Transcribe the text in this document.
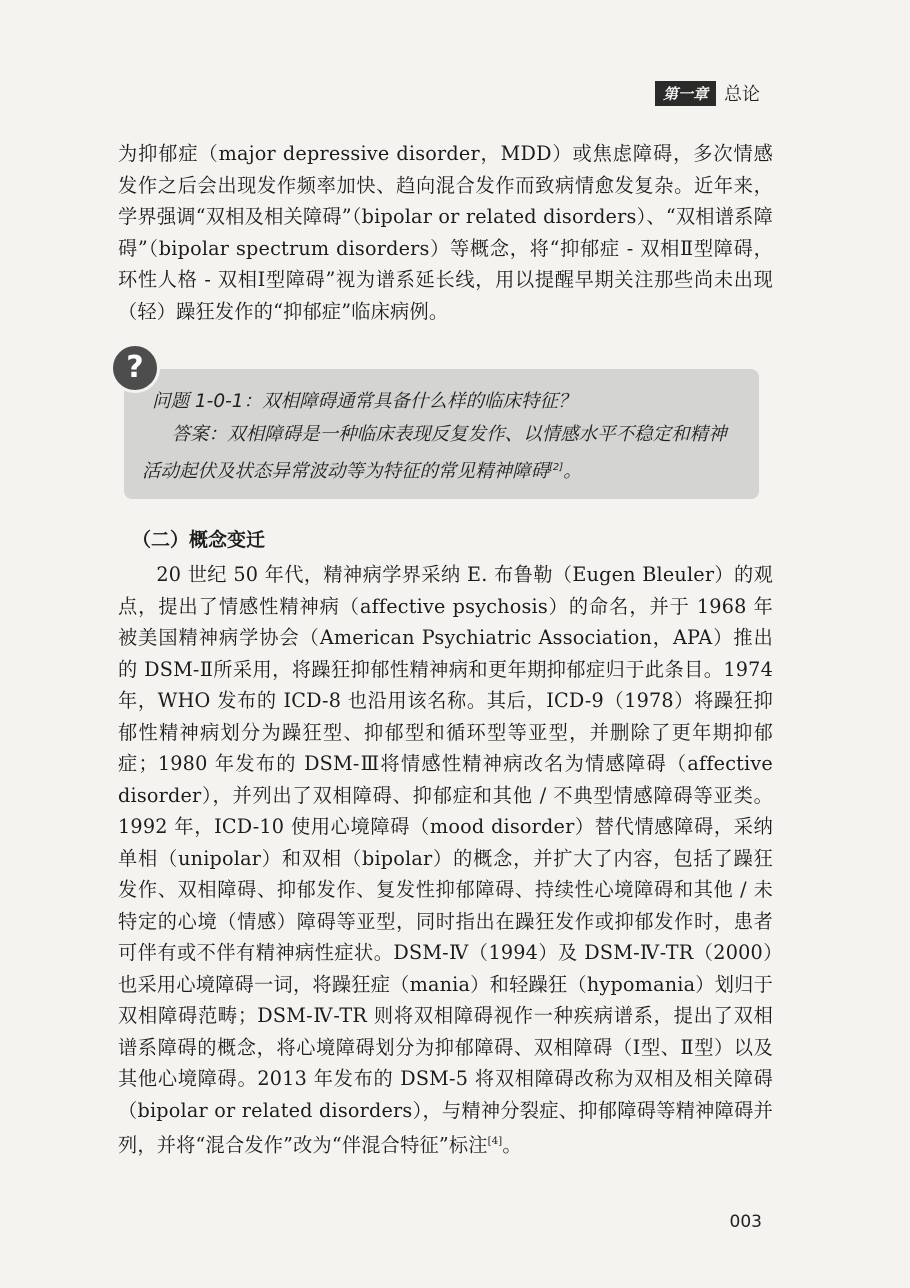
第一章 总论

为抑郁症（major depressive disorder，MDD）或焦虑障碍，多次情感发作之后会出现发作频率加快、趋向混合发作而致病情愈发复杂。近年来，学界强调“双相及相关障碍”（bipolar or related disorders）、“双相谱系障碍”（bipolar spectrum disorders）等概念，将“抑郁症 - 双相Ⅱ型障碍，环性人格 - 双相Ⅰ型障碍”视为谱系延长线，用以提醒早期关注那些尚未出现（轻）躁狂发作的“抑郁症”临床病例。

?

问题 1-0-1：双相障碍通常具备什么样的临床特征？

答案：双相障碍是一种临床表现反复发作、以情感水平不稳定和精神活动起伏及状态异常波动等为特征的常见精神障碍[2]。

（二）概念变迁

20 世纪 50 年代，精神病学界采纳 E. 布鲁勒（Eugen Bleuler）的观点，提出了情感性精神病（affective psychosis）的命名，并于 1968 年被美国精神病学协会（American Psychiatric Association，APA）推出的 DSM-Ⅱ所采用，将躁狂抑郁性精神病和更年期抑郁症归于此条目。1974 年，WHO 发布的 ICD-8 也沿用该名称。其后，ICD-9（1978）将躁狂抑郁性精神病划分为躁狂型、抑郁型和循环型等亚型，并删除了更年期抑郁症；1980 年发布的 DSM-Ⅲ将情感性精神病改名为情感障碍（affective disorder），并列出了双相障碍、抑郁症和其他 / 不典型情感障碍等亚类。1992 年，ICD-10 使用心境障碍（mood disorder）替代情感障碍，采纳单相（unipolar）和双相（bipolar）的概念，并扩大了内容，包括了躁狂发作、双相障碍、抑郁发作、复发性抑郁障碍、持续性心境障碍和其他 / 未特定的心境（情感）障碍等亚型，同时指出在躁狂发作或抑郁发作时，患者可伴有或不伴有精神病性症状。DSM-Ⅳ（1994）及 DSM-Ⅳ-TR（2000）也采用心境障碍一词，将躁狂症（mania）和轻躁狂（hypomania）划归于双相障碍范畴；DSM-Ⅳ-TR 则将双相障碍视作一种疾病谱系，提出了双相谱系障碍的概念，将心境障碍划分为抑郁障碍、双相障碍（Ⅰ型、Ⅱ型）以及其他心境障碍。2013 年发布的 DSM-5 将双相障碍改称为双相及相关障碍（bipolar or related disorders），与精神分裂症、抑郁障碍等精神障碍并列，并将“混合发作”改为“伴混合特征”标注[4]。

003
